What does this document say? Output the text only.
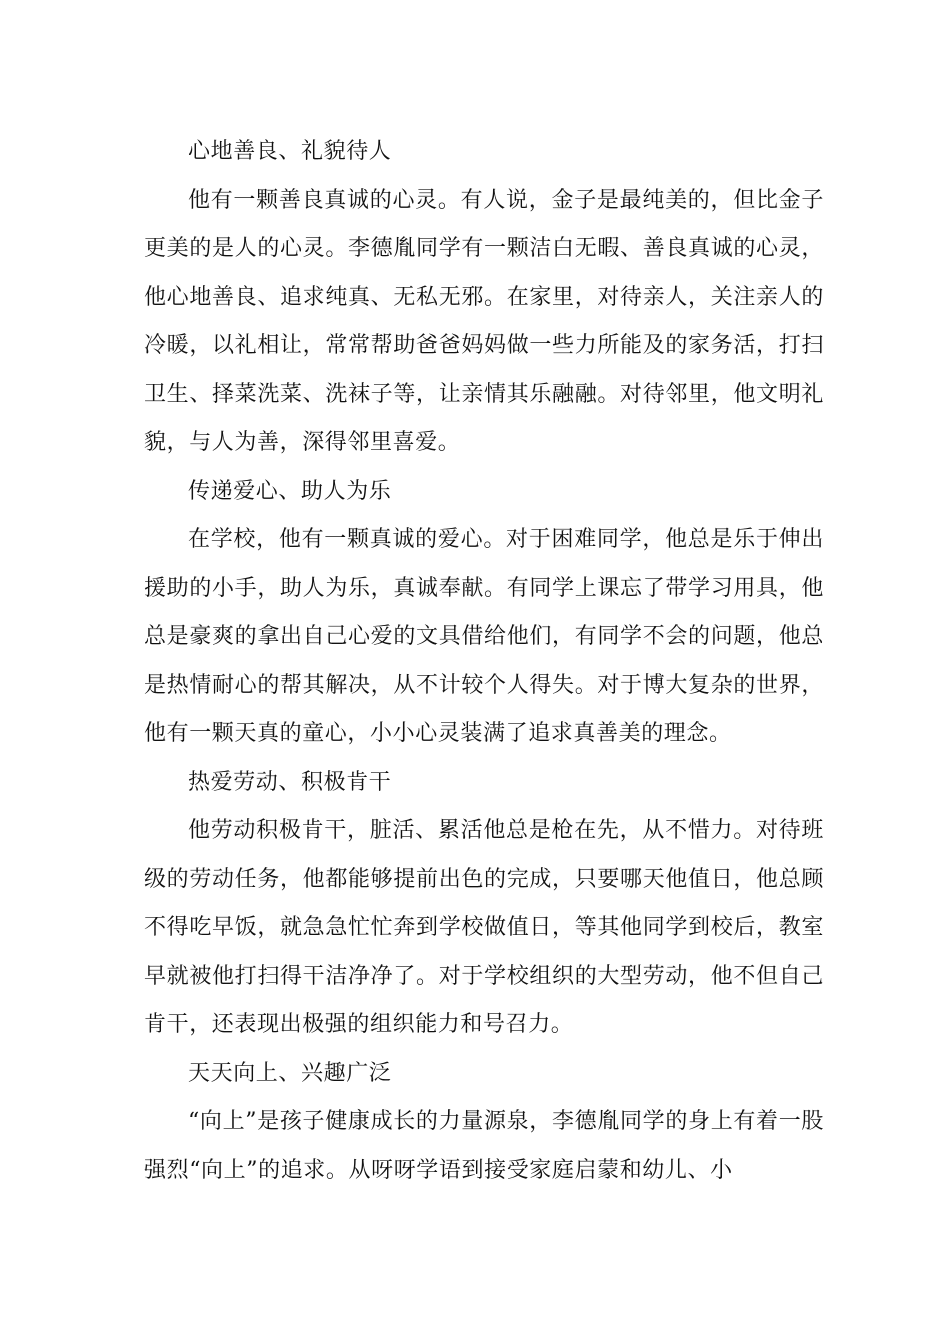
心地善良、礼貌待人

他有一颗善良真诚的心灵。有人说，金子是最纯美的，但比金子更美的是人的心灵。李德胤同学有一颗洁白无暇、善良真诚的心灵，他心地善良、追求纯真、无私无邪。在家里，对待亲人，关注亲人的冷暖，以礼相让，常常帮助爸爸妈妈做一些力所能及的家务活，打扫卫生、择菜洗菜、洗袜子等，让亲情其乐融融。对待邻里，他文明礼貌，与人为善，深得邻里喜爱。

传递爱心、助人为乐

在学校，他有一颗真诚的爱心。对于困难同学，他总是乐于伸出援助的小手，助人为乐，真诚奉献。有同学上课忘了带学习用具，他总是豪爽的拿出自己心爱的文具借给他们，有同学不会的问题，他总是热情耐心的帮其解决，从不计较个人得失。对于博大复杂的世界，他有一颗天真的童心，小小心灵装满了追求真善美的理念。

热爱劳动、积极肯干

他劳动积极肯干，脏活、累活他总是枪在先，从不惜力。对待班级的劳动任务，他都能够提前出色的完成，只要哪天他值日，他总顾不得吃早饭，就急急忙忙奔到学校做值日，等其他同学到校后，教室早就被他打扫得干洁净净了。对于学校组织的大型劳动，他不但自己肯干，还表现出极强的组织能力和号召力。

天天向上、兴趣广泛

“向上”是孩子健康成长的力量源泉，李德胤同学的身上有着一股强烈“向上”的追求。从呀呀学语到接受家庭启蒙和幼儿、小
